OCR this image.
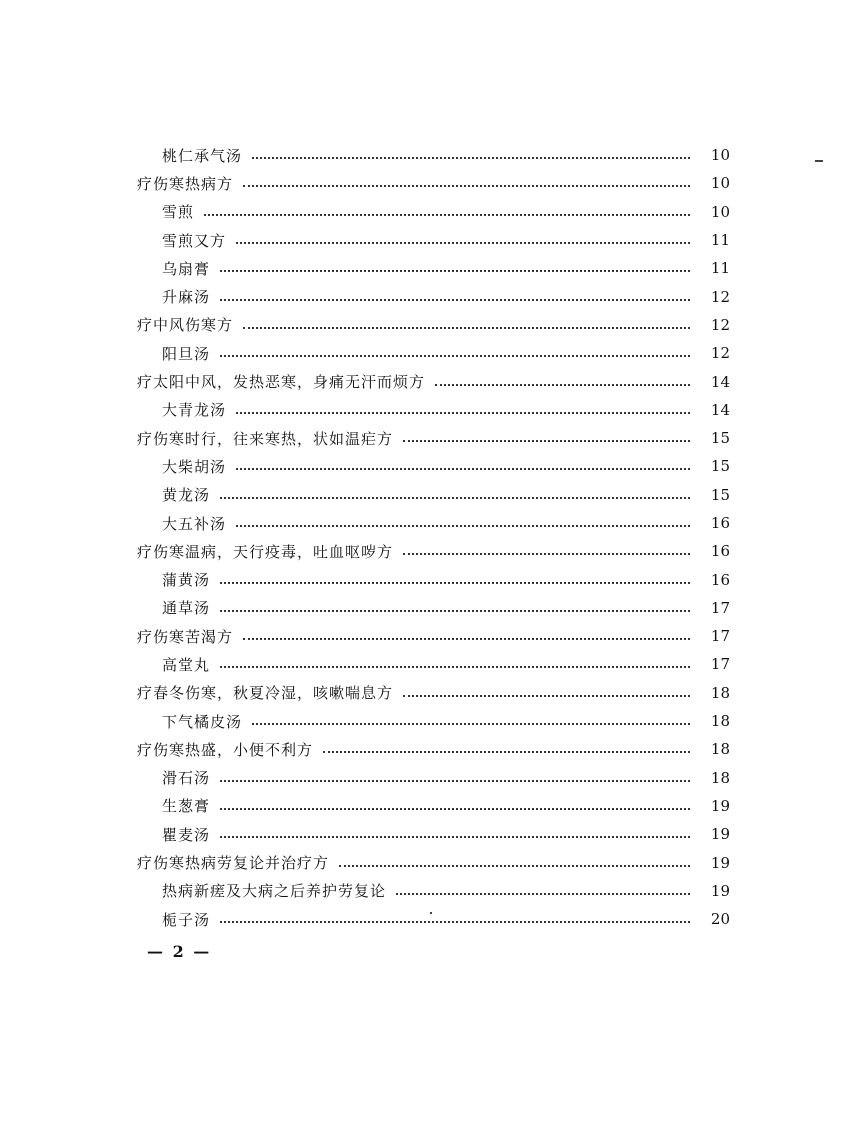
桃仁承气汤	10
疗伤寒热病方	10
雪煎	10
雪煎又方	11
乌扇膏	11
升麻汤	12
疗中风伤寒方	12
阳旦汤	12
疗太阳中风，发热恶寒，身痛无汗而烦方	14
大青龙汤	14
疗伤寒时行，往来寒热，状如温疟方	15
大柴胡汤	15
黄龙汤	15
大五补汤	16
疗伤寒温病，天行疫毒，吐血呕哕方	16
蒲黄汤	16
通草汤	17
疗伤寒苦渴方	17
高堂丸	17
疗春冬伤寒，秋夏冷湿，咳嗽喘息方	18
下气橘皮汤	18
疗伤寒热盛，小便不利方	18
滑石汤	18
生葱膏	19
瞿麦汤	19
疗伤寒热病劳复论并治疗方	19
热病新瘥及大病之后养护劳复论	19
栀子汤	20
— 2 —
